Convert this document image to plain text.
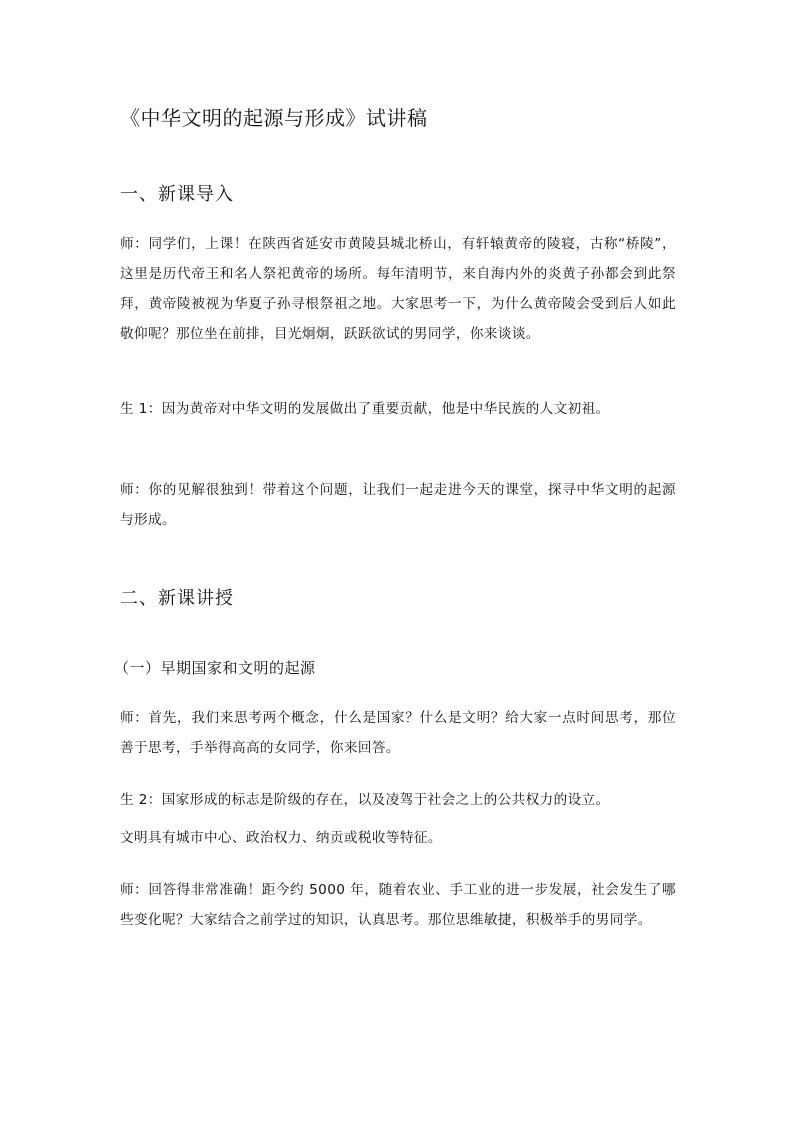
《中华文明的起源与形成》试讲稿
一、新课导入
师：同学们，上课！在陕西省延安市黄陵县城北桥山，有轩辕黄帝的陵寝，古称“桥陵”，这里是历代帝王和名人祭祀黄帝的场所。每年清明节，来自海内外的炎黄子孙都会到此祭拜，黄帝陵被视为华夏子孙寻根祭祖之地。大家思考一下，为什么黄帝陵会受到后人如此敬仰呢？那位坐在前排，目光炯炯，跃跃欲试的男同学，你来谈谈。
生 1：因为黄帝对中华文明的发展做出了重要贡献，他是中华民族的人文初祖。
师：你的见解很独到！带着这个问题，让我们一起走进今天的课堂，探寻中华文明的起源与形成。
二、新课讲授
（一）早期国家和文明的起源
师：首先，我们来思考两个概念，什么是国家？什么是文明？给大家一点时间思考，那位善于思考，手举得高高的女同学，你来回答。
生 2：国家形成的标志是阶级的存在，以及凌驾于社会之上的公共权力的设立。
文明具有城市中心、政治权力、纳贡或税收等特征。
师：回答得非常准确！距今约 5000 年，随着农业、手工业的进一步发展，社会发生了哪些变化呢？大家结合之前学过的知识，认真思考。那位思维敏捷，积极举手的男同学。
